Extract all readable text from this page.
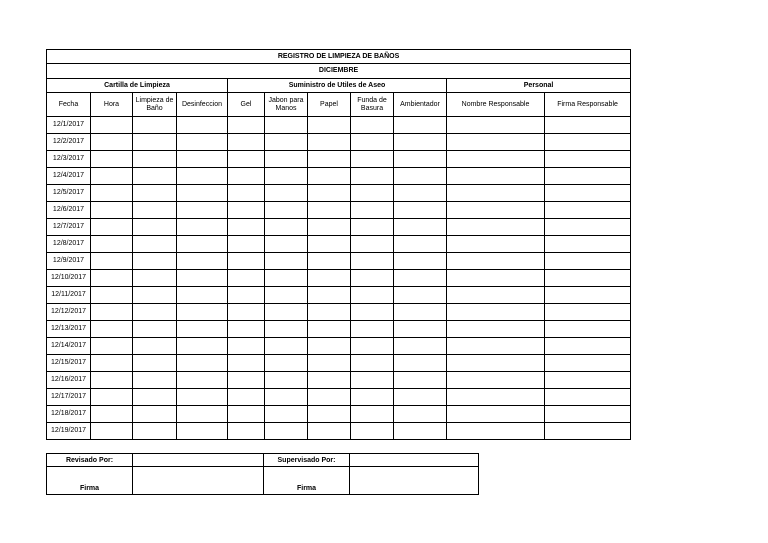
REGISTRO DE LIMPIEZA DE BAÑOS										
DICIEMBRE										
Cartilla de Limpieza				Suministro de Utiles de Aseo					Personal	
Fecha	Hora	Limpieza de Baño	Desinfeccion	Gel	Jabon para Manos	Papel	Funda de Basura	Ambientador	Nombre Responsable	Firma Responsable
12/1/2017										
12/2/2017										
12/3/2017										
12/4/2017										
12/5/2017										
12/6/2017										
12/7/2017										
12/8/2017										
12/9/2017										
12/10/2017										
12/11/2017										
12/12/2017										
12/13/2017										
12/14/2017										
12/15/2017										
12/16/2017										
12/17/2017										
12/18/2017										
12/19/2017										
Revisado Por:		Supervisado Por:	
Firma		Firma	
